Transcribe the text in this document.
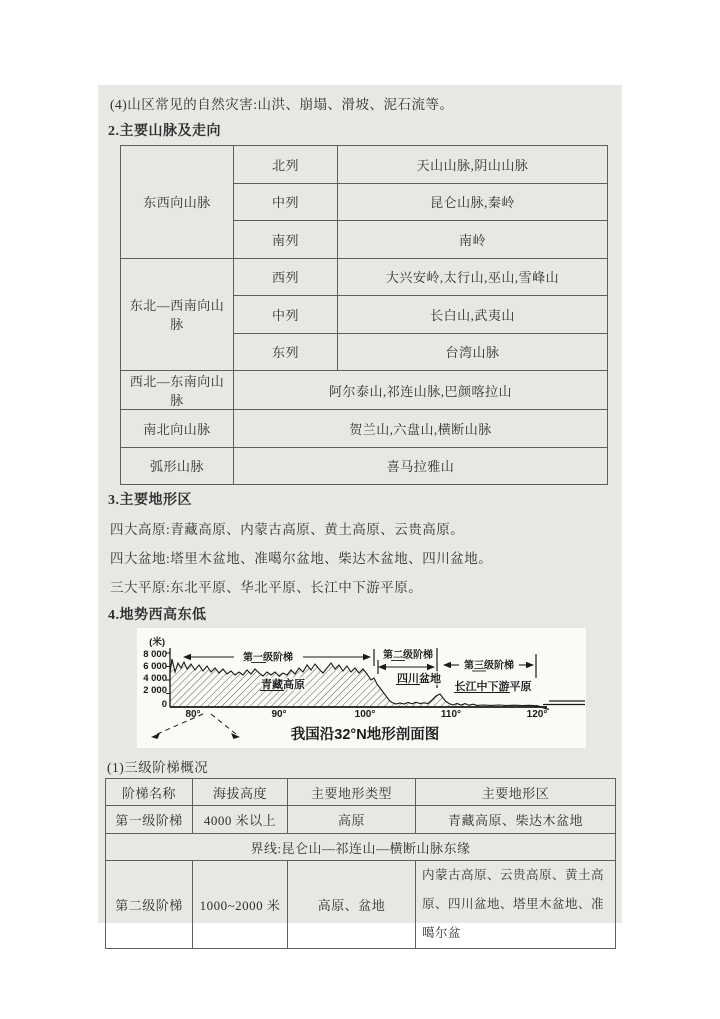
(4)山区常见的自然灾害:山洪、崩塌、滑坡、泥石流等。
2.主要山脉及走向
东西向山脉	北列	天山山脉,阴山山脉
	中列	昆仑山脉,秦岭
	南列	南岭
东北—西南向山脉	西列	大兴安岭,太行山,巫山,雪峰山
	中列	长白山,武夷山
	东列	台湾山脉
西北—东南向山脉	阿尔泰山,祁连山脉,巴颜喀拉山	
南北向山脉	贺兰山,六盘山,横断山脉	
弧形山脉	喜马拉雅山	
3.主要地形区
四大高原:青藏高原、内蒙古高原、黄土高原、云贵高原。
四大盆地:塔里木盆地、准噶尔盆地、柴达木盆地、四川盆地。
三大平原:东北平原、华北平原、长江中下游平原。
4.地势西高东低
(米)
8 000
6 000
4 000
2 000
0
80°	90°	100°	110°	120°
第一级阶梯	第二级阶梯
第三级阶梯
青藏高原	四川盆地
长江中下游平原
我国沿32°N地形剖面图
(1)三级阶梯概况
阶梯名称	海拔高度	主要地形类型	主要地形区
第一级阶梯	4000 米以上	高原	青藏高原、柴达木盆地
界线:昆仑山—祁连山—横断山脉东缘			
第二级阶梯	1000~2000 米	高原、盆地	内蒙古高原、云贵高原、黄土高原、四川盆地、塔里木盆地、准噶尔盆
